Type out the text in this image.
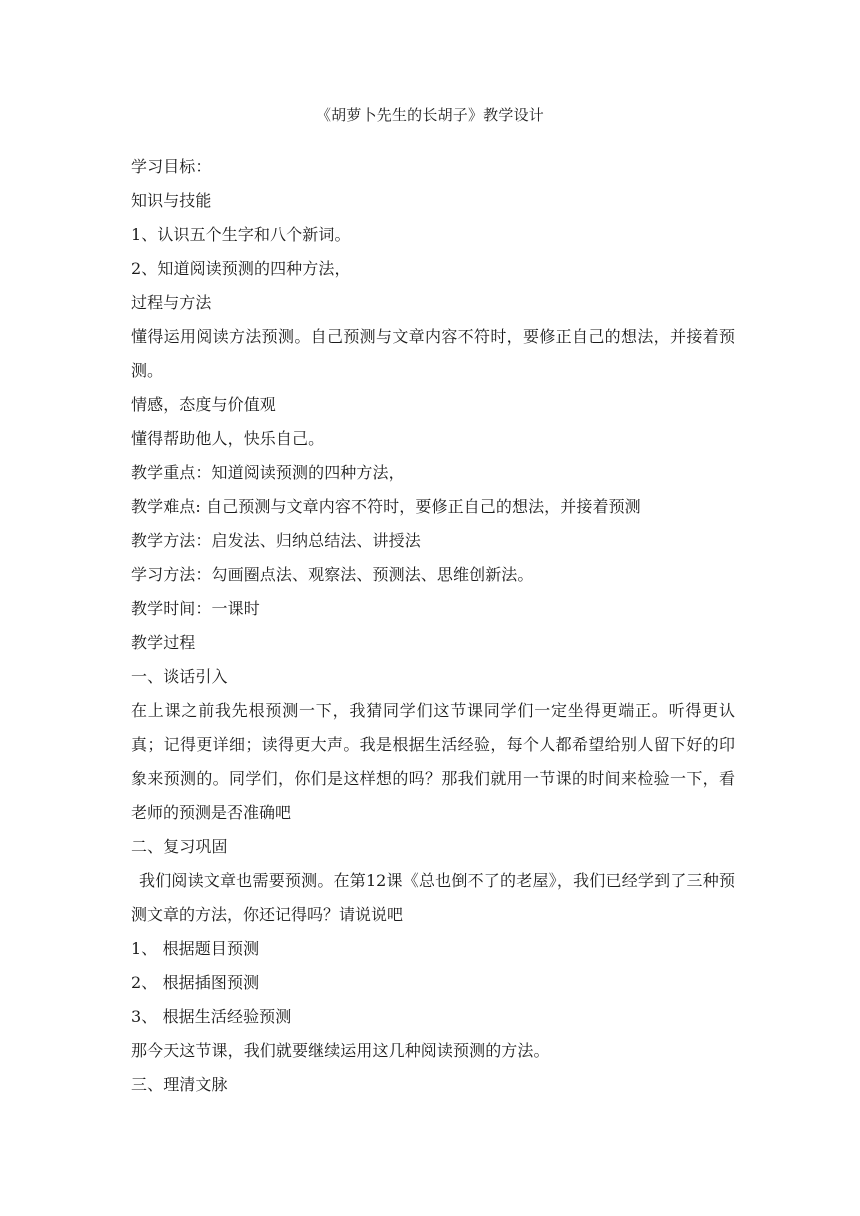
《胡萝卜先生的长胡子》教学设计
学习目标：
知识与技能
1、认识五个生字和八个新词。
2、知道阅读预测的四种方法，
过程与方法
懂得运用阅读方法预测。自己预测与文章内容不符时，要修正自己的想法，并接着预测。
情感，态度与价值观
懂得帮助他人，快乐自己。
教学重点：知道阅读预测的四种方法，
教学难点: 自己预测与文章内容不符时，要修正自己的想法，并接着预测
教学方法：启发法、归纳总结法、讲授法
学习方法：勾画圈点法、观察法、预测法、思维创新法。
教学时间：一课时
教学过程
一、谈话引入
在上课之前我先根预测一下，我猜同学们这节课同学们一定坐得更端正。听得更认真；记得更详细；读得更大声。我是根据生活经验，每个人都希望给别人留下好的印象来预测的。同学们，你们是这样想的吗？那我们就用一节课的时间来检验一下，看老师的预测是否准确吧
二、复习巩固
我们阅读文章也需要预测。在第12课《总也倒不了的老屋》，我们已经学到了三种预测文章的方法，你还记得吗？请说说吧
1、 根据题目预测
2、 根据插图预测
3、 根据生活经验预测
那今天这节课，我们就要继续运用这几种阅读预测的方法。
三、理清文脉
